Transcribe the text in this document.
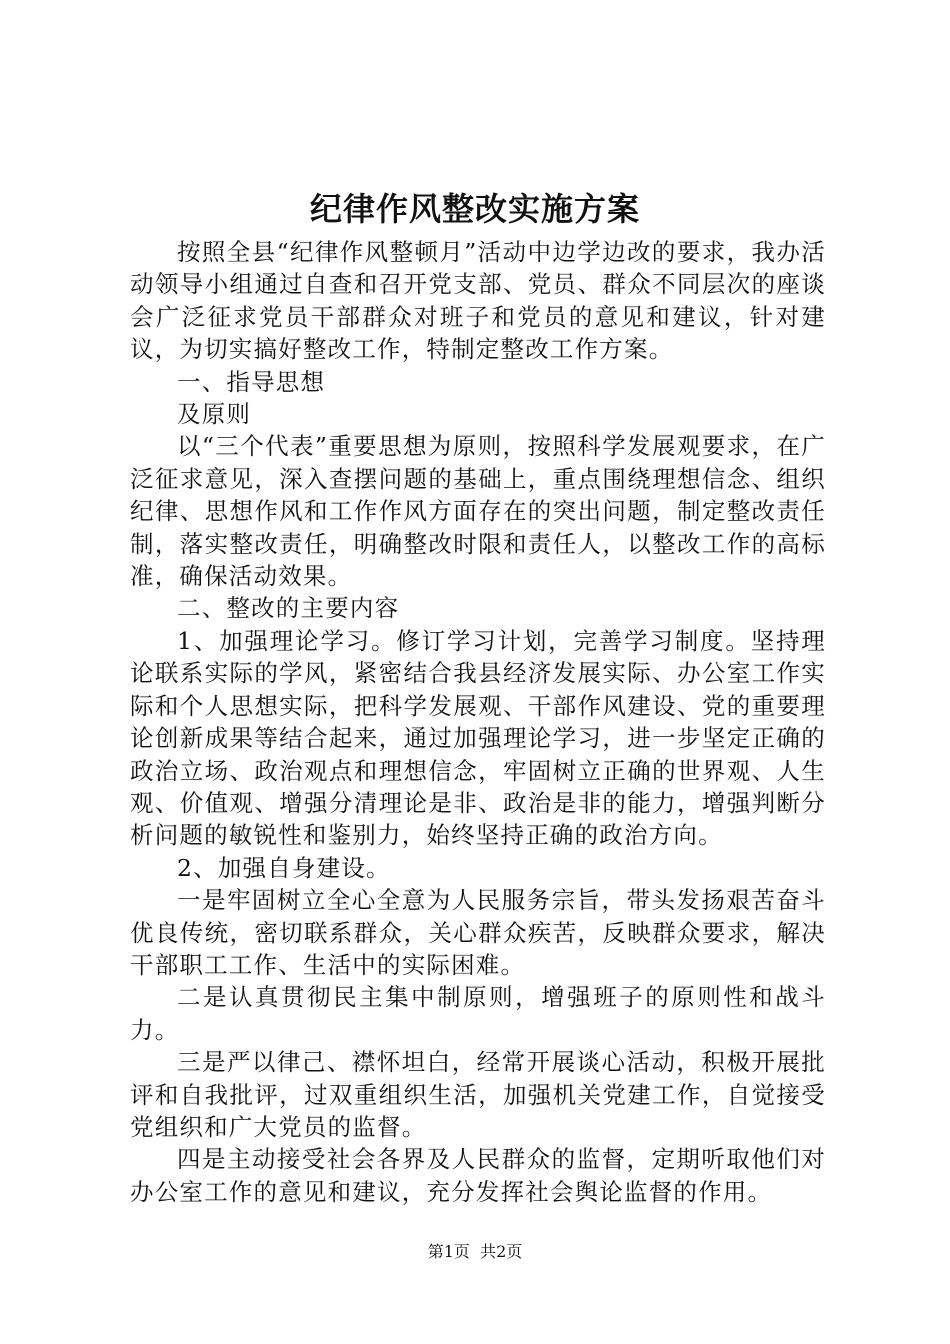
纪律作风整改实施方案

按照全县“纪律作风整顿月”活动中边学边改的要求，我办活动领导小组通过自查和召开党支部、党员、群众不同层次的座谈会广泛征求党员干部群众对班子和党员的意见和建议，针对建议，为切实搞好整改工作，特制定整改工作方案。

一、指导思想

及原则

以“三个代表”重要思想为原则，按照科学发展观要求，在广泛征求意见，深入查摆问题的基础上，重点围绕理想信念、组织纪律、思想作风和工作作风方面存在的突出问题，制定整改责任制，落实整改责任，明确整改时限和责任人，以整改工作的高标准，确保活动效果。

二、整改的主要内容

1、加强理论学习。修订学习计划，完善学习制度。坚持理论联系实际的学风，紧密结合我县经济发展实际、办公室工作实际和个人思想实际，把科学发展观、干部作风建设、党的重要理论创新成果等结合起来，通过加强理论学习，进一步坚定正确的政治立场、政治观点和理想信念，牢固树立正确的世界观、人生观、价值观、增强分清理论是非、政治是非的能力，增强判断分析问题的敏锐性和鉴别力，始终坚持正确的政治方向。

2、加强自身建设。

一是牢固树立全心全意为人民服务宗旨，带头发扬艰苦奋斗优良传统，密切联系群众，关心群众疾苦，反映群众要求，解决干部职工工作、生活中的实际困难。

二是认真贯彻民主集中制原则，增强班子的原则性和战斗力。

三是严以律己、襟怀坦白，经常开展谈心活动，积极开展批评和自我批评，过双重组织生活，加强机关党建工作，自觉接受党组织和广大党员的监督。

四是主动接受社会各界及人民群众的监督，定期听取他们对办公室工作的意见和建议，充分发挥社会舆论监督的作用。

第1页  共2页
